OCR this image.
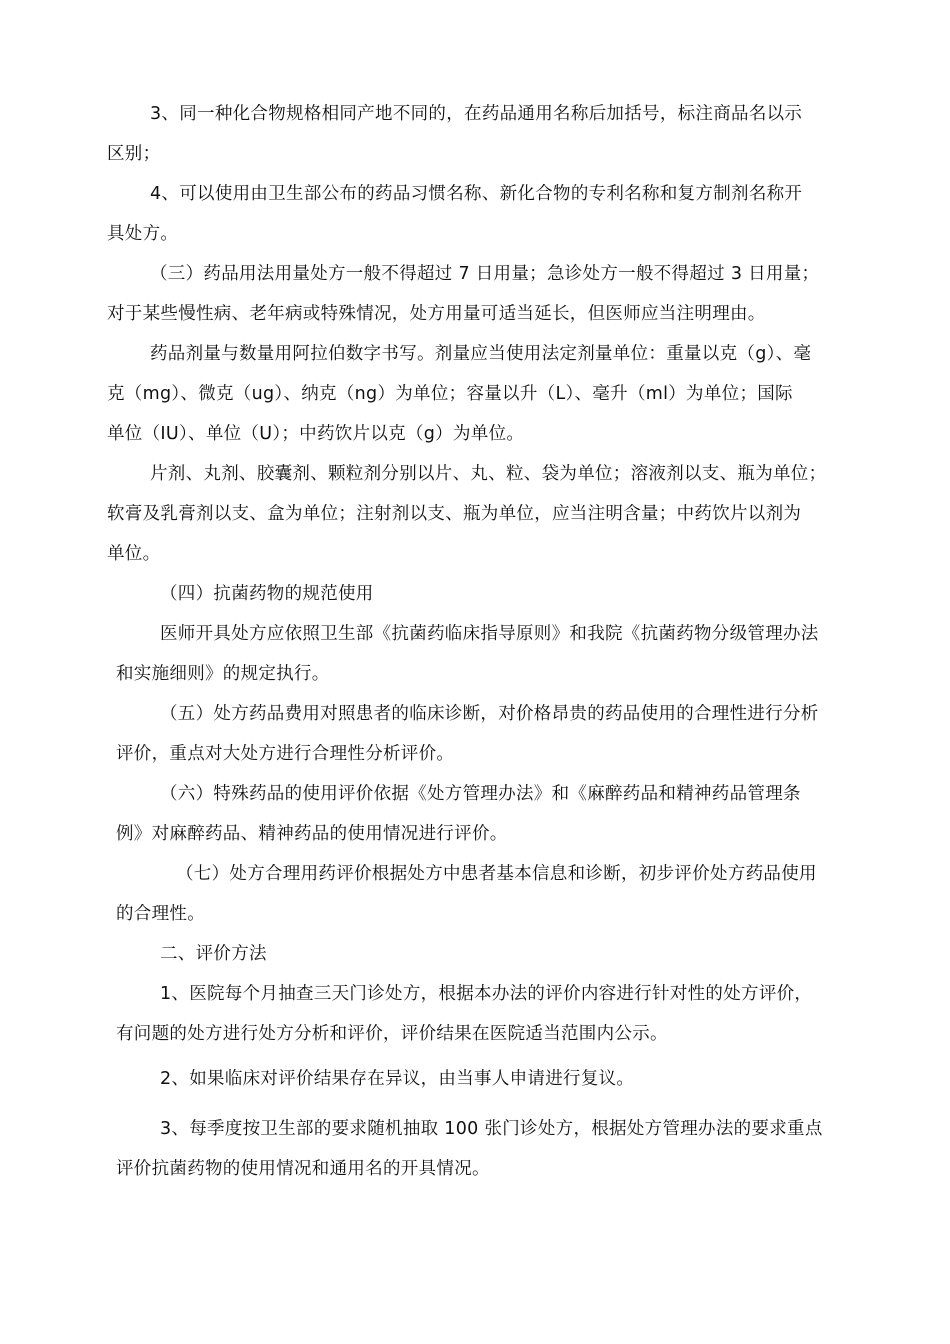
3、同一种化合物规格相同产地不同的，在药品通用名称后加括号，标注商品名以示
区别；
4、可以使用由卫生部公布的药品习惯名称、新化合物的专利名称和复方制剂名称开
具处方。
（三）药品用法用量处方一般不得超过 7 日用量；急诊处方一般不得超过 3 日用量；
对于某些慢性病、老年病或特殊情况，处方用量可适当延长，但医师应当注明理由。
药品剂量与数量用阿拉伯数字书写。剂量应当使用法定剂量单位：重量以克（g）、毫
克（mg）、微克（ug）、纳克（ng）为单位；容量以升（L）、毫升（ml）为单位；国际
单位（IU）、单位（U）；中药饮片以克（g）为单位。
片剂、丸剂、胶囊剂、颗粒剂分别以片、丸、粒、袋为单位；溶液剂以支、瓶为单位；
软膏及乳膏剂以支、盒为单位；注射剂以支、瓶为单位，应当注明含量；中药饮片以剂为
单位。
（四）抗菌药物的规范使用
医师开具处方应依照卫生部《抗菌药临床指导原则》和我院《抗菌药物分级管理办法
和实施细则》的规定执行。
（五）处方药品费用对照患者的临床诊断，对价格昂贵的药品使用的合理性进行分析
评价，重点对大处方进行合理性分析评价。
（六）特殊药品的使用评价依据《处方管理办法》和《麻醉药品和精神药品管理条
例》对麻醉药品、精神药品的使用情况进行评价。
（七）处方合理用药评价根据处方中患者基本信息和诊断，初步评价处方药品使用
的合理性。
二、评价方法
1、医院每个月抽查三天门诊处方，根据本办法的评价内容进行针对性的处方评价，
有问题的处方进行处方分析和评价，评价结果在医院适当范围内公示。
2、如果临床对评价结果存在异议，由当事人申请进行复议。
3、每季度按卫生部的要求随机抽取 100 张门诊处方，根据处方管理办法的要求重点
评价抗菌药物的使用情况和通用名的开具情况。
